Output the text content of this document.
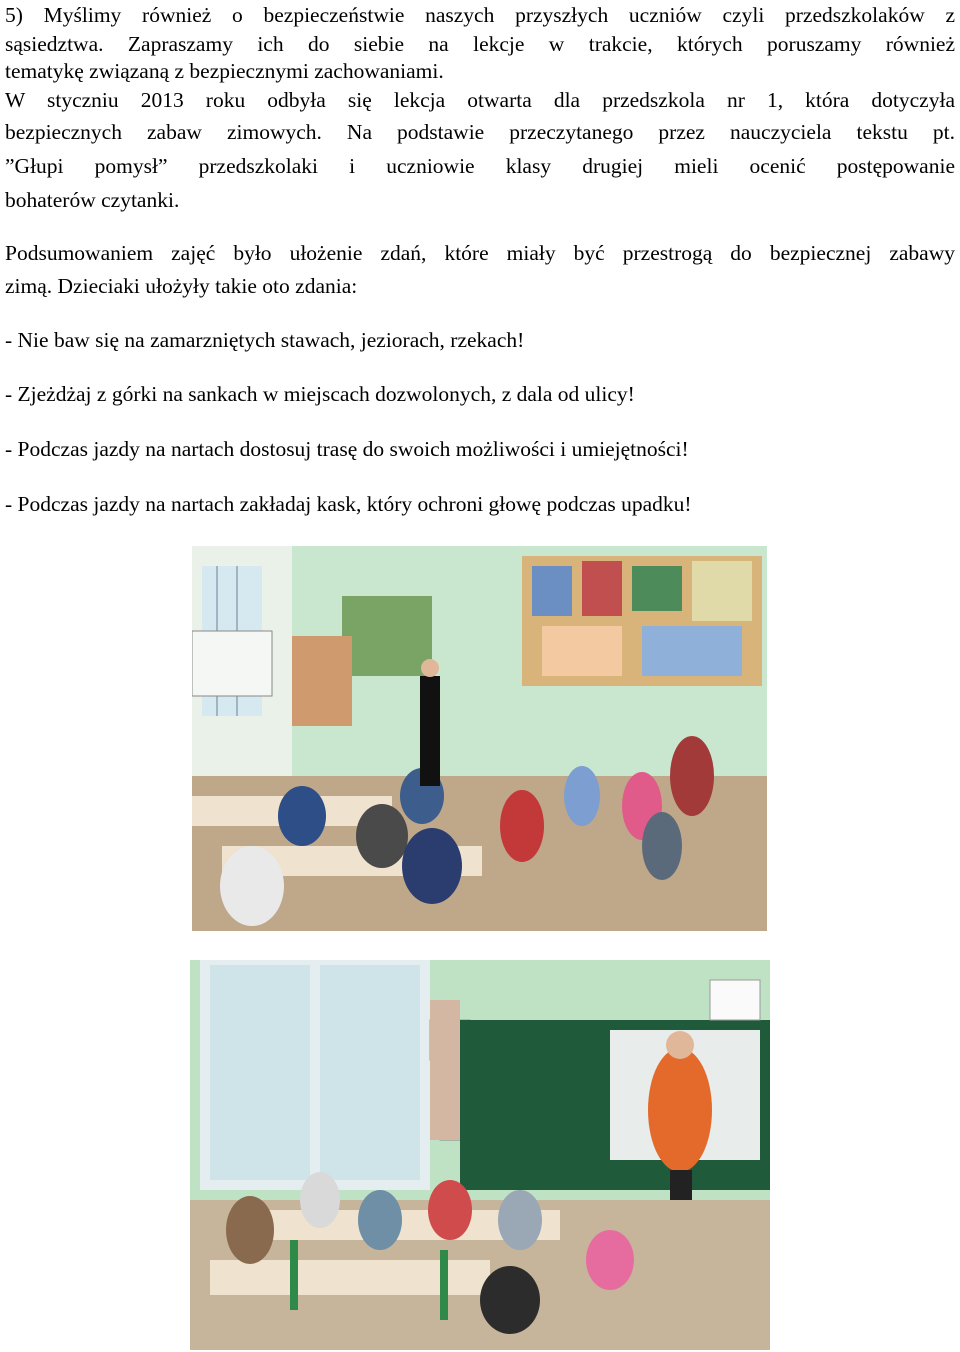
5) Myślimy również o bezpieczeństwie naszych przyszłych uczniów czyli przedszkolaków z
sąsiedztwa. Zapraszamy ich do siebie na lekcje w trakcie, których poruszamy również
tematykę związaną z bezpiecznymi zachowaniami.
W styczniu 2013 roku odbyła się lekcja otwarta dla przedszkola nr 1, która dotyczyła
bezpiecznych zabaw zimowych. Na podstawie przeczytanego przez nauczyciela tekstu pt.
”Głupi pomysł” przedszkolaki i uczniowie klasy drugiej mieli ocenić postępowanie
bohaterów czytanki.
Podsumowaniem zajęć było ułożenie zdań, które miały być przestrogą do bezpiecznej zabawy
zimą. Dzieciaki ułożyły takie oto zdania:
- Nie baw się na zamarzniętych stawach, jeziorach, rzekach!
- Zjeżdżaj z górki na sankach w miejscach dozwolonych, z dala od ulicy!
- Podczas jazdy na nartach dostosuj trasę do swoich możliwości i umiejętności!
- Podczas jazdy na nartach zakładaj kask, który ochroni głowę podczas upadku!
